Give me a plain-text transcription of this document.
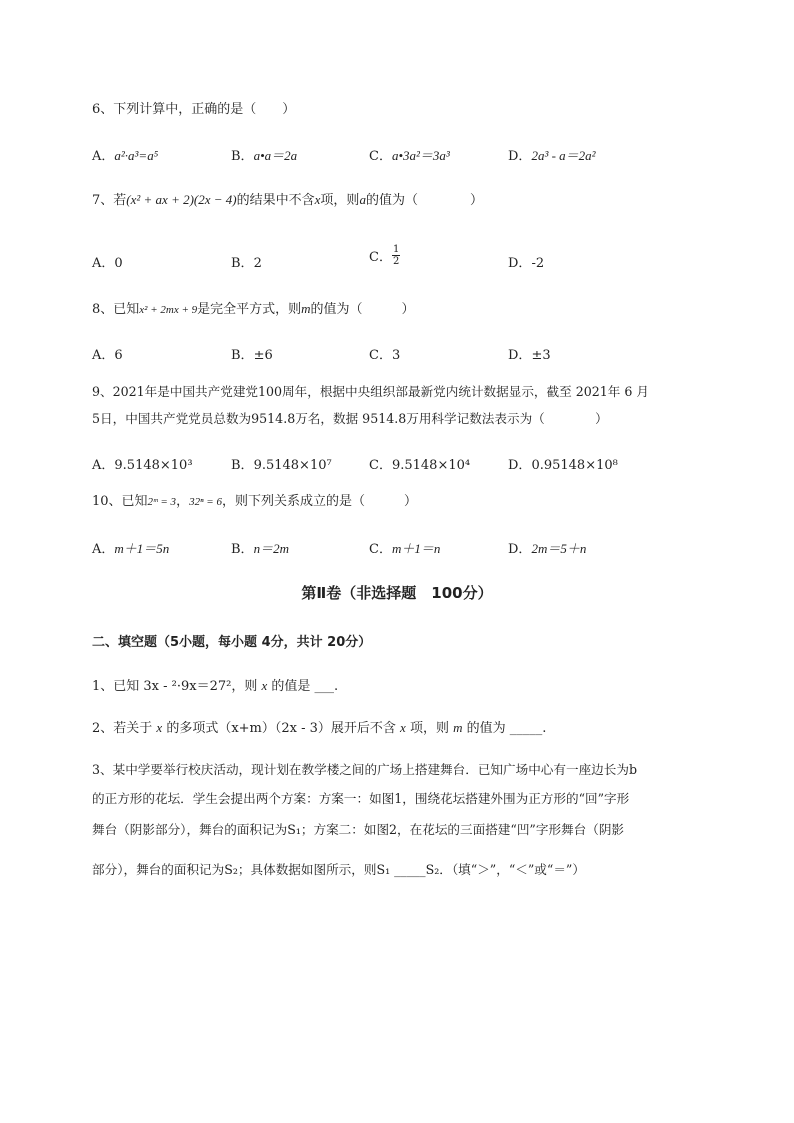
6、下列计算中，正确的是（　　）
A．a²·a³=a⁵	B．a•a＝2a	C．a•3a²＝3a³	D．2a³ - a＝2a²
7、若(x² + ax + 2)(2x − 4)的结果中不含x项，则a的值为（　　　　）
A．0	B．2	C． $\frac{1}{2}$	D．-2
8、已知x² + 2mx + 9是完全平方式，则m的值为（　　　）
A．6	B．±6	C．3	D．±3
9、2021年是中国共产党建党100周年，根据中央组织部最新党内统计数据显示，截至 2021年 6 月
5日，中国共产党党员总数为9514.8万名，数据 9514.8万用科学记数法表示为（　　　　）
A．9.5148×10³	B．9.5148×10⁷	C．9.5148×10⁴	D．0.95148×10⁸
10、已知2ᵐ = 3，32ⁿ = 6，则下列关系成立的是（　　　）
A．m＋1＝5n	B．n＝2m	C．m＋1＝n	D．2m＝5＋n
第Ⅱ卷（非选择题　100分）
二、填空题（5小题，每小题 4分，共计 20分）
1、已知 3x - ²·9x＝27²，则 x 的值是 ___.
2、若关于 x 的多项式（x+m）（2x - 3）展开后不含 x 项，则 m 的值为 _____.
3、某中学要举行校庆活动，现计划在教学楼之间的广场上搭建舞台．已知广场中心有一座边长为b
的正方形的花坛．学生会提出两个方案：方案一：如图1，围绕花坛搭建外围为正方形的“回”字形
舞台（阴影部分），舞台的面积记为S₁；方案二：如图2，在花坛的三面搭建“凹”字形舞台（阴影
部分），舞台的面积记为S₂；具体数据如图所示，则S₁ _____S₂．（填“＞”，“＜”或“＝”）
